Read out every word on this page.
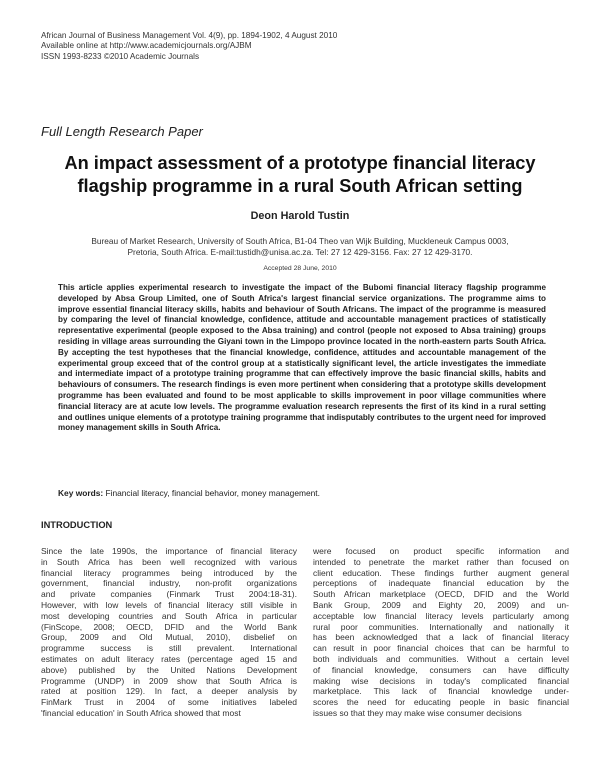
African Journal of Business Management Vol. 4(9), pp. 1894-1902, 4 August 2010
Available online at http://www.academicjournals.org/AJBM
ISSN 1993-8233 ©2010 Academic Journals
Full Length Research Paper
An impact assessment of a prototype financial literacy flagship programme in a rural South African setting
Deon Harold Tustin
Bureau of Market Research, University of South Africa, B1-04 Theo van Wijk Building, Muckleneuk Campus 0003,
Pretoria, South Africa. E-mail:tustidh@unisa.ac.za. Tel: 27 12 429-3156. Fax: 27 12 429-3170.
Accepted 28 June, 2010
This article applies experimental research to investigate the impact of the Bubomi financial literacy flagship programme developed by Absa Group Limited, one of South Africa's largest financial service organizations. The programme aims to improve essential financial literacy skills, habits and behaviour of South Africans. The impact of the programme is measured by comparing the level of financial knowledge, confidence, attitude and accountable management practices of statistically representative experimental (people exposed to the Absa training) and control (people not exposed to Absa training) groups residing in village areas surrounding the Giyani town in the Limpopo province located in the north-eastern parts South Africa. By accepting the test hypotheses that the financial knowledge, confidence, attitudes and accountable management of the experimental group exceed that of the control group at a statistically significant level, the article investigates the immediate and intermediate impact of a prototype training programme that can effectively improve the basic financial skills, habits and behaviours of consumers. The research findings is even more pertinent when considering that a prototype skills development programme has been evaluated and found to be most applicable to skills improvement in poor village communities where financial literacy are at acute low levels. The programme evaluation research represents the first of its kind in a rural setting and outlines unique elements of a prototype training programme that indisputably contributes to the urgent need for improved money management skills in South Africa.
Key words: Financial literacy, financial behavior, money management.
INTRODUCTION
Since the late 1990s, the importance of financial literacy
in South Africa has been well recognized with various
financial literacy programmes being introduced by the
government, financial industry, non-profit organizations
and private companies (Finmark Trust 2004:18-31).
However, with low levels of financial literacy still visible in
most developing countries and South Africa in particular
(FinScope, 2008; OECD, DFID and the World Bank
Group, 2009 and Old Mutual, 2010), disbelief on
programme success is still prevalent. International
estimates on adult literacy rates (percentage aged 15 and
above) published by the United Nations Development
Programme (UNDP) in 2009 show that South Africa is
rated at position 129). In fact, a deeper analysis by
FinMark Trust in 2004 of some initiatives labeled
'financial education' in South Africa showed that most
were focused on product specific information and
intended to penetrate the market rather than focused on
client education. These findings further augment general
perceptions of inadequate financial education by the
South African marketplace (OECD, DFID and the World
Bank Group, 2009 and Eighty 20, 2009) and un-
acceptable low financial literacy levels particularly among
rural poor communities. Internationally and nationally it
has been acknowledged that a lack of financial literacy
can result in poor financial choices that can be harmful to
both individuals and communities. Without a certain level
of financial knowledge, consumers can have difficulty
making wise decisions in today's complicated financial
marketplace. This lack of financial knowledge under-
scores the need for educating people in basic financial
issues so that they may make wise consumer decisions
